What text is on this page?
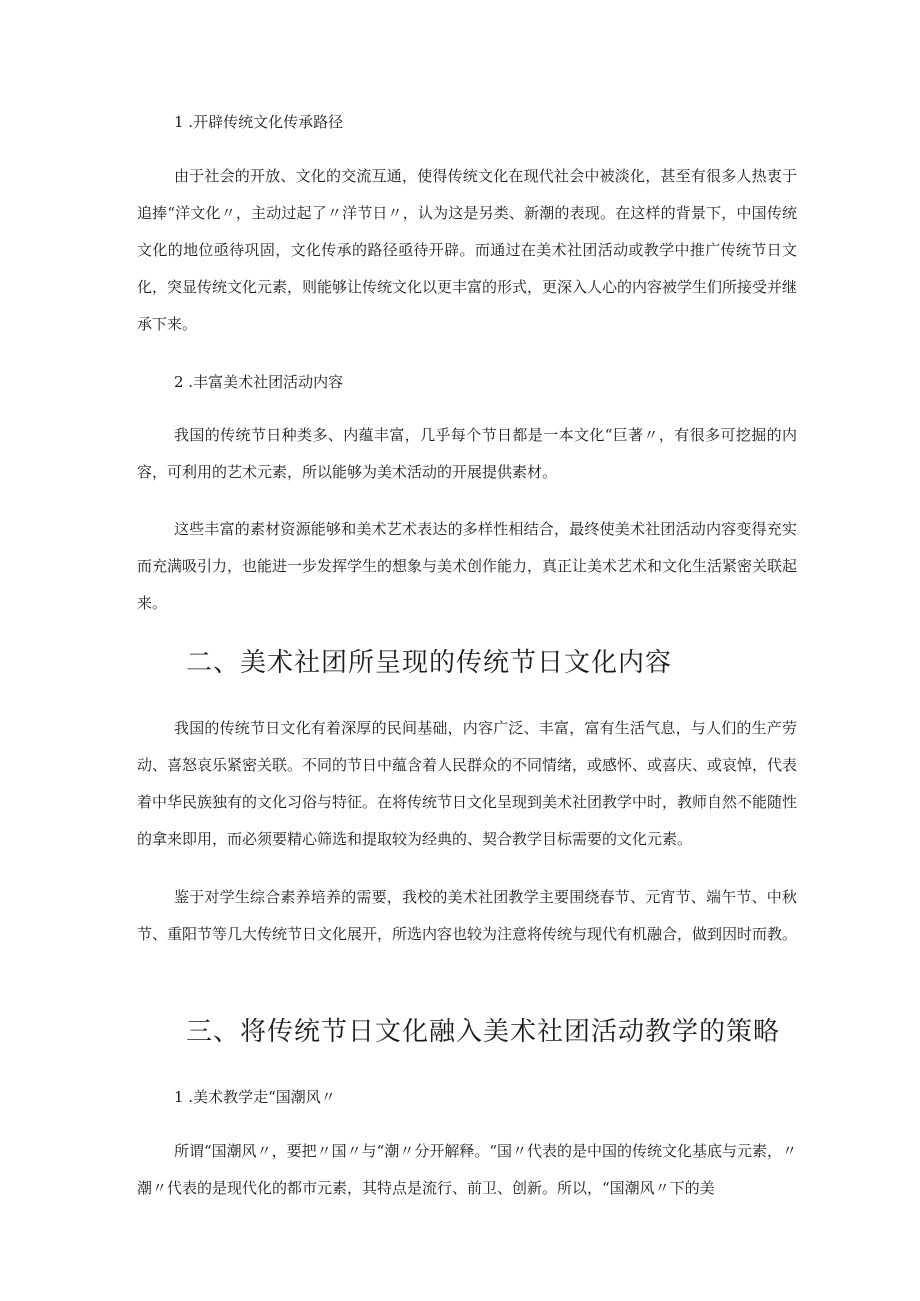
1 .开辟传统文化传承路径

由于社会的开放、文化的交流互通，使得传统文化在现代社会中被淡化，甚至有很多人热衷于追捧“洋文化〃，主动过起了〃洋节日〃，认为这是另类、新潮的表现。在这样的背景下，中国传统文化的地位亟待巩固，文化传承的路径亟待开辟。而通过在美术社团活动或教学中推广传统节日文化，突显传统文化元素，则能够让传统文化以更丰富的形式，更深入人心的内容被学生们所接受并继承下来。

2 .丰富美术社团活动内容

我国的传统节日种类多、内蕴丰富，几乎每个节日都是一本文化“巨著〃，有很多可挖掘的内容，可利用的艺术元素，所以能够为美术活动的开展提供素材。

这些丰富的素材资源能够和美术艺术表达的多样性相结合，最终使美术社团活动内容变得充实而充满吸引力，也能进一步发挥学生的想象与美术创作能力，真正让美术艺术和文化生活紧密关联起来。

二、美术社团所呈现的传统节日文化内容

我国的传统节日文化有着深厚的民间基础，内容广泛、丰富，富有生活气息，与人们的生产劳动、喜怒哀乐紧密关联。不同的节日中蕴含着人民群众的不同情绪，或感怀、或喜庆、或哀悼，代表着中华民族独有的文化习俗与特征。在将传统节日文化呈现到美术社团教学中时，教师自然不能随性的拿来即用，而必须要精心筛选和提取较为经典的、契合教学目标需要的文化元素。

鉴于对学生综合素养培养的需要，我校的美术社团教学主要围绕春节、元宵节、端午节、中秋节、重阳节等几大传统节日文化展开，所选内容也较为注意将传统与现代有机融合，做到因时而教。

三、将传统节日文化融入美术社团活动教学的策略
1 .美术教学走“国潮风〃

所谓“国潮风〃，要把〃国〃与“潮〃分开解释。“国〃代表的是中国的传统文化基底与元素，〃潮〃代表的是现代化的都市元素，其特点是流行、前卫、创新。所以，“国潮风〃下的美
